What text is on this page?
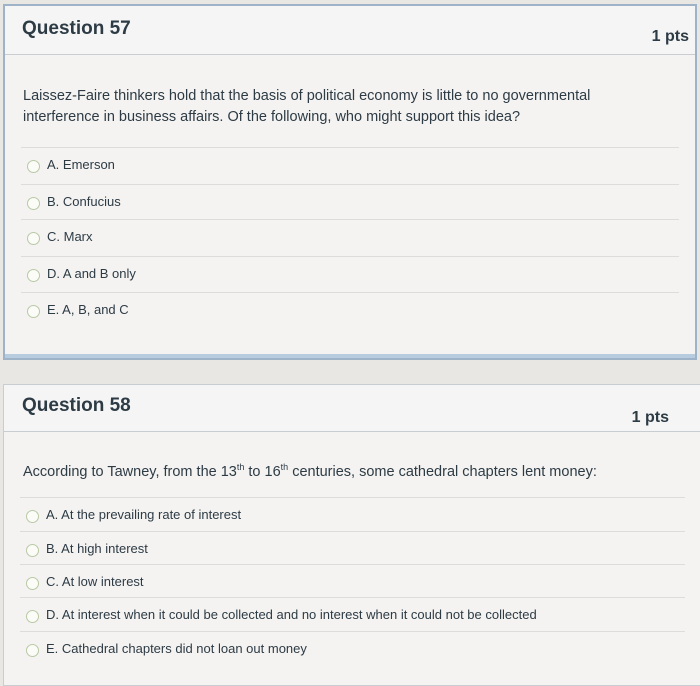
Question 57	1 pts
Laissez-Faire thinkers hold that the basis of political economy is little to no governmental interference in business affairs. Of the following, who might support this idea?
A. Emerson
B. Confucius
C. Marx
D. A and B only
E. A, B, and C
Question 58
1 pts
According to Tawney, from the 13th to 16th centuries, some cathedral chapters lent money:
A. At the prevailing rate of interest
B. At high interest
C. At low interest
D. At interest when it could be collected and no interest when it could not be collected
E. Cathedral chapters did not loan out money
